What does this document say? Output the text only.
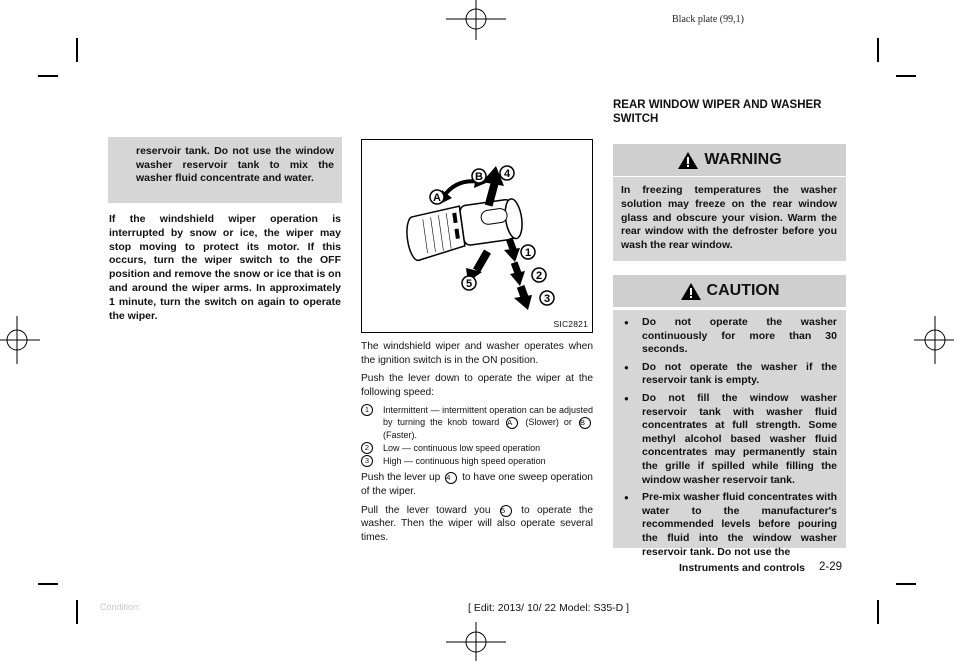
Black plate (99,1)

reservoir tank. Do not use the window washer reservoir tank to mix the washer fluid concentrate and water.

If the windshield wiper operation is interrupted by snow or ice, the wiper may stop moving to protect its motor. If this occurs, turn the wiper switch to the OFF position and remove the snow or ice that is on and around the wiper arms. In approximately 1 minute, turn the switch on again to operate the wiper.

A
B 4
1
5
2
3
SIC2821

The windshield wiper and washer operates when the ignition switch is in the ON position.

Push the lever down to operate the wiper at the following speed:

1	Intermittent — intermittent operation can be adjusted by turning the knob toward A (Slower) or B (Faster).
2	Low — continuous low speed operation
3	High — continuous high speed operation

Push the lever up 4 to have one sweep operation of the wiper.

Pull the lever toward you 5 to operate the washer. Then the wiper will also operate several times.

REAR WINDOW WIPER AND WASHER SWITCH

WARNING

In freezing temperatures the washer solution may freeze on the rear window glass and obscure your vision. Warm the rear window with the defroster before you wash the rear window.

CAUTION
●	Do not operate the washer continuously for more than 30 seconds.
●	Do not operate the washer if the reservoir tank is empty.
●	Do not fill the window washer reservoir tank with washer fluid concentrates at full strength. Some methyl alcohol based washer fluid concentrates may permanently stain the grille if spilled while filling the window washer reservoir tank.
●	Pre-mix washer fluid concentrates with water to the manufacturer's recommended levels before pouring the fluid into the window washer reservoir tank. Do not use the
Instruments and controls 2-29
Condition:	[ Edit: 2013/ 10/ 22 Model: S35-D ]
